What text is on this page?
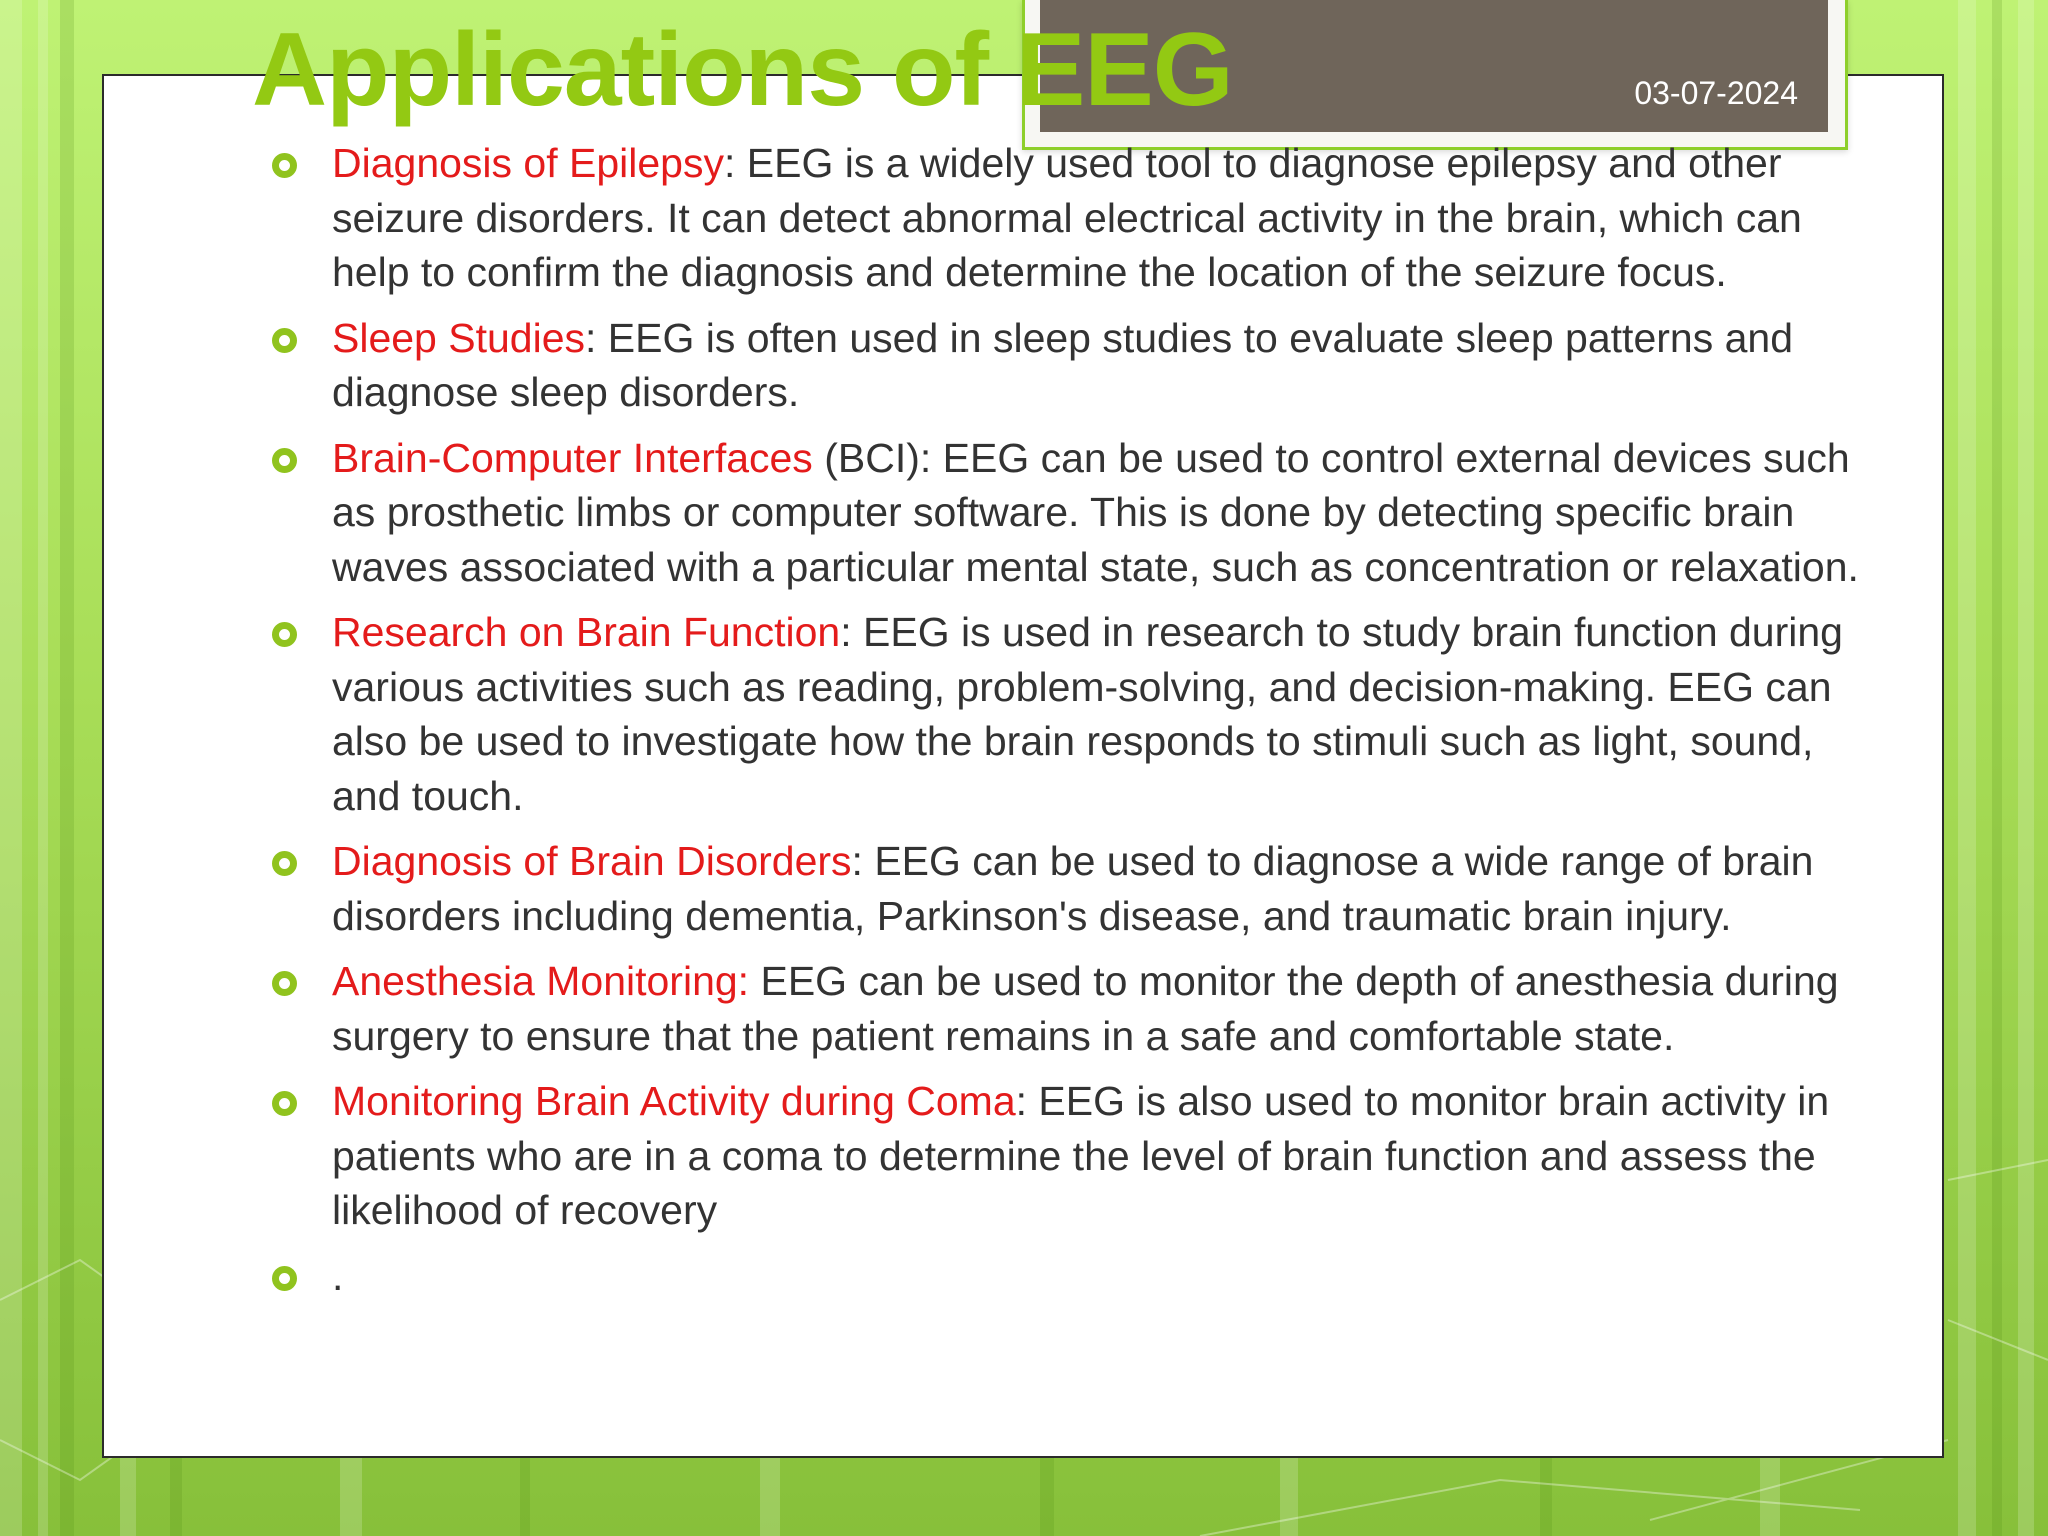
03-07-2024
Applications of EEG
Diagnosis of Epilepsy: EEG is a widely used tool to diagnose epilepsy and other seizure disorders. It can detect abnormal electrical activity in the brain, which can help to confirm the diagnosis and determine the location of the seizure focus.
Sleep Studies: EEG is often used in sleep studies to evaluate sleep patterns and diagnose sleep disorders.
Brain-Computer Interfaces (BCI): EEG can be used to control external devices such as prosthetic limbs or computer software. This is done by detecting specific brain waves associated with a particular mental state, such as concentration or relaxation.
Research on Brain Function: EEG is used in research to study brain function during various activities such as reading, problem-solving, and decision-making. EEG can also be used to investigate how the brain responds to stimuli such as light, sound, and touch.
Diagnosis of Brain Disorders: EEG can be used to diagnose a wide range of brain disorders including dementia, Parkinson's disease, and traumatic brain injury.
Anesthesia Monitoring: EEG can be used to monitor the depth of anesthesia during surgery to ensure that the patient remains in a safe and comfortable state.
Monitoring Brain Activity during Coma: EEG is also used to monitor brain activity in patients who are in a coma to determine the level of brain function and assess the likelihood of recovery
.
